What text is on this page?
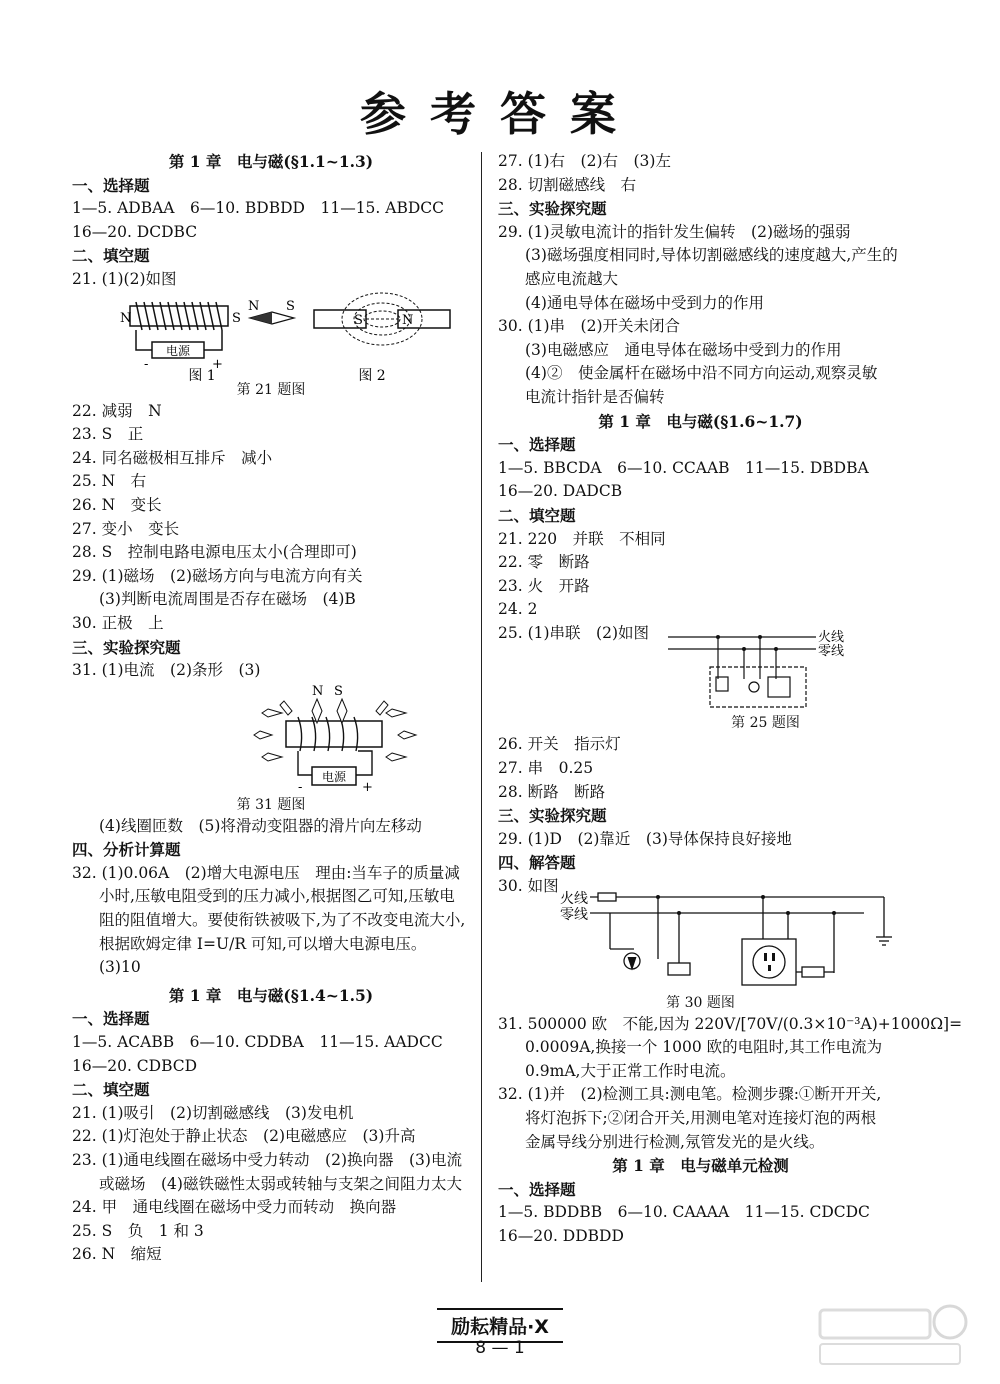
参考答案
第 1 章　电与磁(§1.1~1.3)
一、选择题
1—5. ADBAA　6—10. BDBDD　11—15. ABDCC
16—20. DCDBC
二、填空题
21. (1)(2)如图
电源
N	S
-	+
N S
图 1
S	N
图 2
第 21 题图
22. 减弱　N
23. S　正
24. 同名磁极相互排斥　减小
25. N　右
26. N　变长
27. 变小　变长
28. S　控制电路电源电压太小(合理即可)
29. (1)磁场　(2)磁场方向与电流方向有关
(3)判断电流周围是否存在磁场　(4)B
30. 正极　上
三、实验探究题
31. (1)电流　(2)条形　(3)
N S
电源
-	+
第 31 题图
(4)线圈匝数　(5)将滑动变阻器的滑片向左移动
四、分析计算题
32. (1)0.06A　(2)增大电源电压　理由:当车子的质量减
小时,压敏电阻受到的压力减小,根据图乙可知,压敏电
阻的阻值增大。要使衔铁被吸下,为了不改变电流大小,
根据欧姆定律 I=U/R 可知,可以增大电源电压。
(3)10
第 1 章　电与磁(§1.4~1.5)
一、选择题
1—5. ACABB　6—10. CDDBA　11—15. AADCC
16—20. CDBCD
二、填空题
21. (1)吸引　(2)切割磁感线　(3)发电机
22. (1)灯泡处于静止状态　(2)电磁感应　(3)升高
23. (1)通电线圈在磁场中受力转动　(2)换向器　(3)电流
或磁场　(4)磁铁磁性太弱或转轴与支架之间阻力太大
24. 甲　通电线圈在磁场中受力而转动　换向器
25. S　负　1 和 3
26. N　缩短
27. (1)右　(2)右　(3)左
28. 切割磁感线　右
三、实验探究题
29. (1)灵敏电流计的指针发生偏转　(2)磁场的强弱
(3)磁场强度相同时,导体切割磁感线的速度越大,产生的
感应电流越大
(4)通电导体在磁场中受到力的作用
30. (1)串　(2)开关未闭合
(3)电磁感应　通电导体在磁场中受到力的作用
(4)②　使金属杆在磁场中沿不同方向运动,观察灵敏
电流计指针是否偏转
第 1 章　电与磁(§1.6~1.7)
一、选择题
1—5. BBCDA　6—10. CCAAB　11—15. DBDBA
16—20. DADCB
二、填空题
21. 220　并联　不相同
22. 零　断路
23. 火　开路
24. 2
25. (1)串联　(2)如图	火线
零线
第 25 题图
26. 开关　指示灯
27. 串　0.25
28. 断路　断路
三、实验探究题
29. (1)D　(2)靠近　(3)导体保持良好接地
四、解答题
30. 如图
火线
零线
第 30 题图
31. 500000 欧　不能,因为 220V/[70V/(0.3×10⁻³A)+1000Ω]=
0.0009A,换接一个 1000 欧的电阻时,其工作电流为
0.9mA,大于正常工作时电流。
32. (1)并　(2)检测工具:测电笔。检测步骤:①断开开关,
将灯泡拆下;②闭合开关,用测电笔对连接灯泡的两根
金属导线分别进行检测,氖管发光的是火线。
第 1 章　电与磁单元检测
一、选择题
1—5. BDDBB　6—10. CAAAA　11—15. CDCDC
16—20. DDBDD
励耘精品·X
8 — 1
